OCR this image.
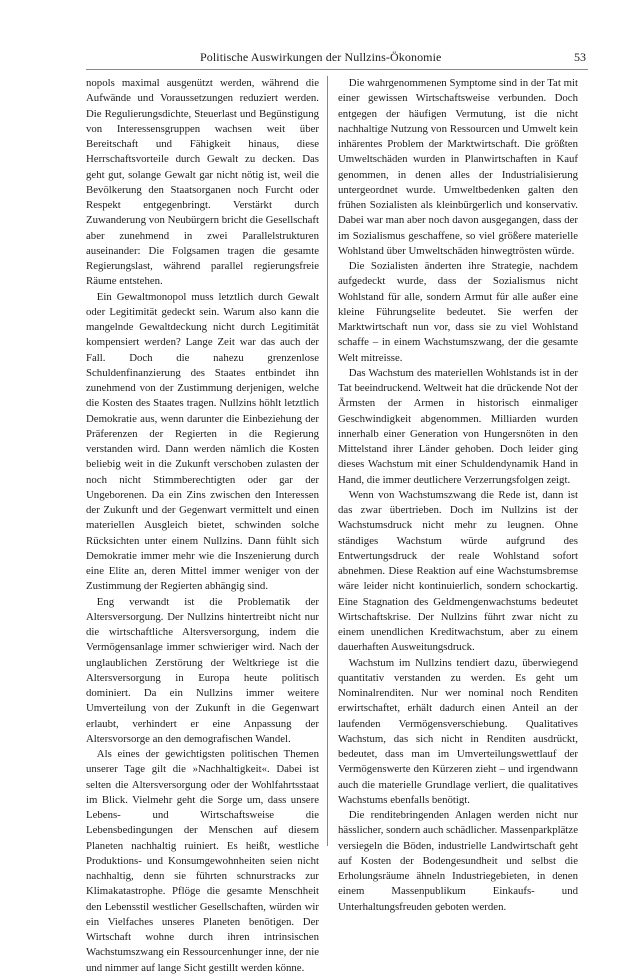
Politische Auswirkungen der Nullzins-Ökonomie	53

nopols maximal ausgenützt werden, während die Aufwände und Voraussetzungen reduziert werden. Die Regulierungsdichte, Steuerlast und Begünstigung von Interessensgruppen wachsen weit über Bereitschaft und Fähigkeit hinaus, diese Herrschaftsvorteile durch Gewalt zu decken. Das geht gut, solange Gewalt gar nicht nötig ist, weil die Bevölkerung den Staatsorganen noch Furcht oder Respekt entgegenbringt. Verstärkt durch Zuwanderung von Neubürgern bricht die Gesellschaft aber zunehmend in zwei Parallelstrukturen auseinander: Die Folgsamen tragen die gesamte Regierungslast, während parallel regierungsfreie Räume entstehen.

Ein Gewaltmonopol muss letztlich durch Gewalt oder Legitimität gedeckt sein. Warum also kann die mangelnde Gewaltdeckung nicht durch Legitimität kompensiert werden? Lange Zeit war das auch der Fall. Doch die nahezu grenzenlose Schuldenfinanzierung des Staates entbindet ihn zunehmend von der Zustimmung derjenigen, welche die Kosten des Staates tragen. Nullzins höhlt letztlich Demokratie aus, wenn darunter die Einbeziehung der Präferenzen der Regierten in die Regierung verstanden wird. Dann werden nämlich die Kosten beliebig weit in die Zukunft verschoben zulasten der noch nicht Stimmberechtigten oder gar der Ungeborenen. Da ein Zins zwischen den Interessen der Zukunft und der Gegenwart vermittelt und einen materiellen Ausgleich bietet, schwinden solche Rücksichten unter einem Nullzins. Dann fühlt sich Demokratie immer mehr wie die Inszenierung durch eine Elite an, deren Mittel immer weniger von der Zustimmung der Regierten abhängig sind.

Eng verwandt ist die Problematik der Altersversorgung. Der Nullzins hintertreibt nicht nur die wirtschaftliche Altersversorgung, indem die Vermögensanlage immer schwieriger wird. Nach der unglaublichen Zerstörung der Weltkriege ist die Altersversorgung in Europa heute politisch dominiert. Da ein Nullzins immer weitere Umverteilung von der Zukunft in die Gegenwart erlaubt, verhindert er eine Anpassung der Altersvorsorge an den demografischen Wandel.

Als eines der gewichtigsten politischen Themen unserer Tage gilt die »Nachhaltigkeit«. Dabei ist selten die Altersversorgung oder der Wohlfahrtsstaat im Blick. Vielmehr geht die Sorge um, dass unsere Lebens- und Wirtschaftsweise die Lebensbedingungen der Menschen auf diesem Planeten nachhaltig ruiniert. Es heißt, westliche Produktions- und Konsumgewohnheiten seien nicht nachhaltig, denn sie führten schnurstracks zur Klimakatastrophe. Pflöge die gesamte Menschheit den Lebensstil westlicher Gesellschaften, würden wir ein Vielfaches unseres Planeten benötigen. Der Wirtschaft wohne durch ihren intrinsischen Wachstumszwang ein Ressourcenhunger inne, der nie und nimmer auf lange Sicht gestillt werden könne.

Die wahrgenommenen Symptome sind in der Tat mit einer gewissen Wirtschaftsweise verbunden. Doch entgegen der häufigen Vermutung, ist die nicht nachhaltige Nutzung von Ressourcen und Umwelt kein inhärentes Problem der Marktwirtschaft. Die größten Umweltschäden wurden in Planwirtschaften in Kauf genommen, in denen alles der Industrialisierung untergeordnet wurde. Umweltbedenken galten den frühen Sozialisten als kleinbürgerlich und konservativ. Dabei war man aber noch davon ausgegangen, dass der im Sozialismus geschaffene, so viel größere materielle Wohlstand über Umweltschäden hinwegtrösten würde.

Die Sozialisten änderten ihre Strategie, nachdem aufgedeckt wurde, dass der Sozialismus nicht Wohlstand für alle, sondern Armut für alle außer eine kleine Führungselite bedeutet. Sie werfen der Marktwirtschaft nun vor, dass sie zu viel Wohlstand schaffe – in einem Wachstumszwang, der die gesamte Welt mitreisse.

Das Wachstum des materiellen Wohlstands ist in der Tat beeindruckend. Weltweit hat die drückende Not der Ärmsten der Armen in historisch einmaliger Geschwindigkeit abgenommen. Milliarden wurden innerhalb einer Generation von Hungersnöten in den Mittelstand ihrer Länder gehoben. Doch leider ging dieses Wachstum mit einer Schuldendynamik Hand in Hand, die immer deutlichere Verzerrungsfolgen zeigt.

Wenn von Wachstumszwang die Rede ist, dann ist das zwar übertrieben. Doch im Nullzins ist der Wachstumsdruck nicht mehr zu leugnen. Ohne ständiges Wachstum würde aufgrund des Entwertungsdruck der reale Wohlstand sofort abnehmen. Diese Reaktion auf eine Wachstumsbremse wäre leider nicht kontinuierlich, sondern schockartig. Eine Stagnation des Geldmengenwachstums bedeutet Wirtschaftskrise. Der Nullzins führt zwar nicht zu einem unendlichen Kreditwachstum, aber zu einem dauerhaften Ausweitungsdruck.

Wachstum im Nullzins tendiert dazu, überwiegend quantitativ verstanden zu werden. Es geht um Nominalrenditen. Nur wer nominal noch Renditen erwirtschaftet, erhält dadurch einen Anteil an der laufenden Vermögensverschiebung. Qualitatives Wachstum, das sich nicht in Renditen ausdrückt, bedeutet, dass man im Umverteilungswettlauf der Vermögenswerte den Kürzeren zieht – und irgendwann auch die materielle Grundlage verliert, die qualitatives Wachstums ebenfalls benötigt.

Die renditebringenden Anlagen werden nicht nur hässlicher, sondern auch schädlicher. Massenparkplätze versiegeln die Böden, industrielle Landwirtschaft geht auf Kosten der Bodengesundheit und selbst die Erholungsräume ähneln Industriegebieten, in denen einem Massenpublikum Einkaufs- und Unterhaltungsfreuden geboten werden.
